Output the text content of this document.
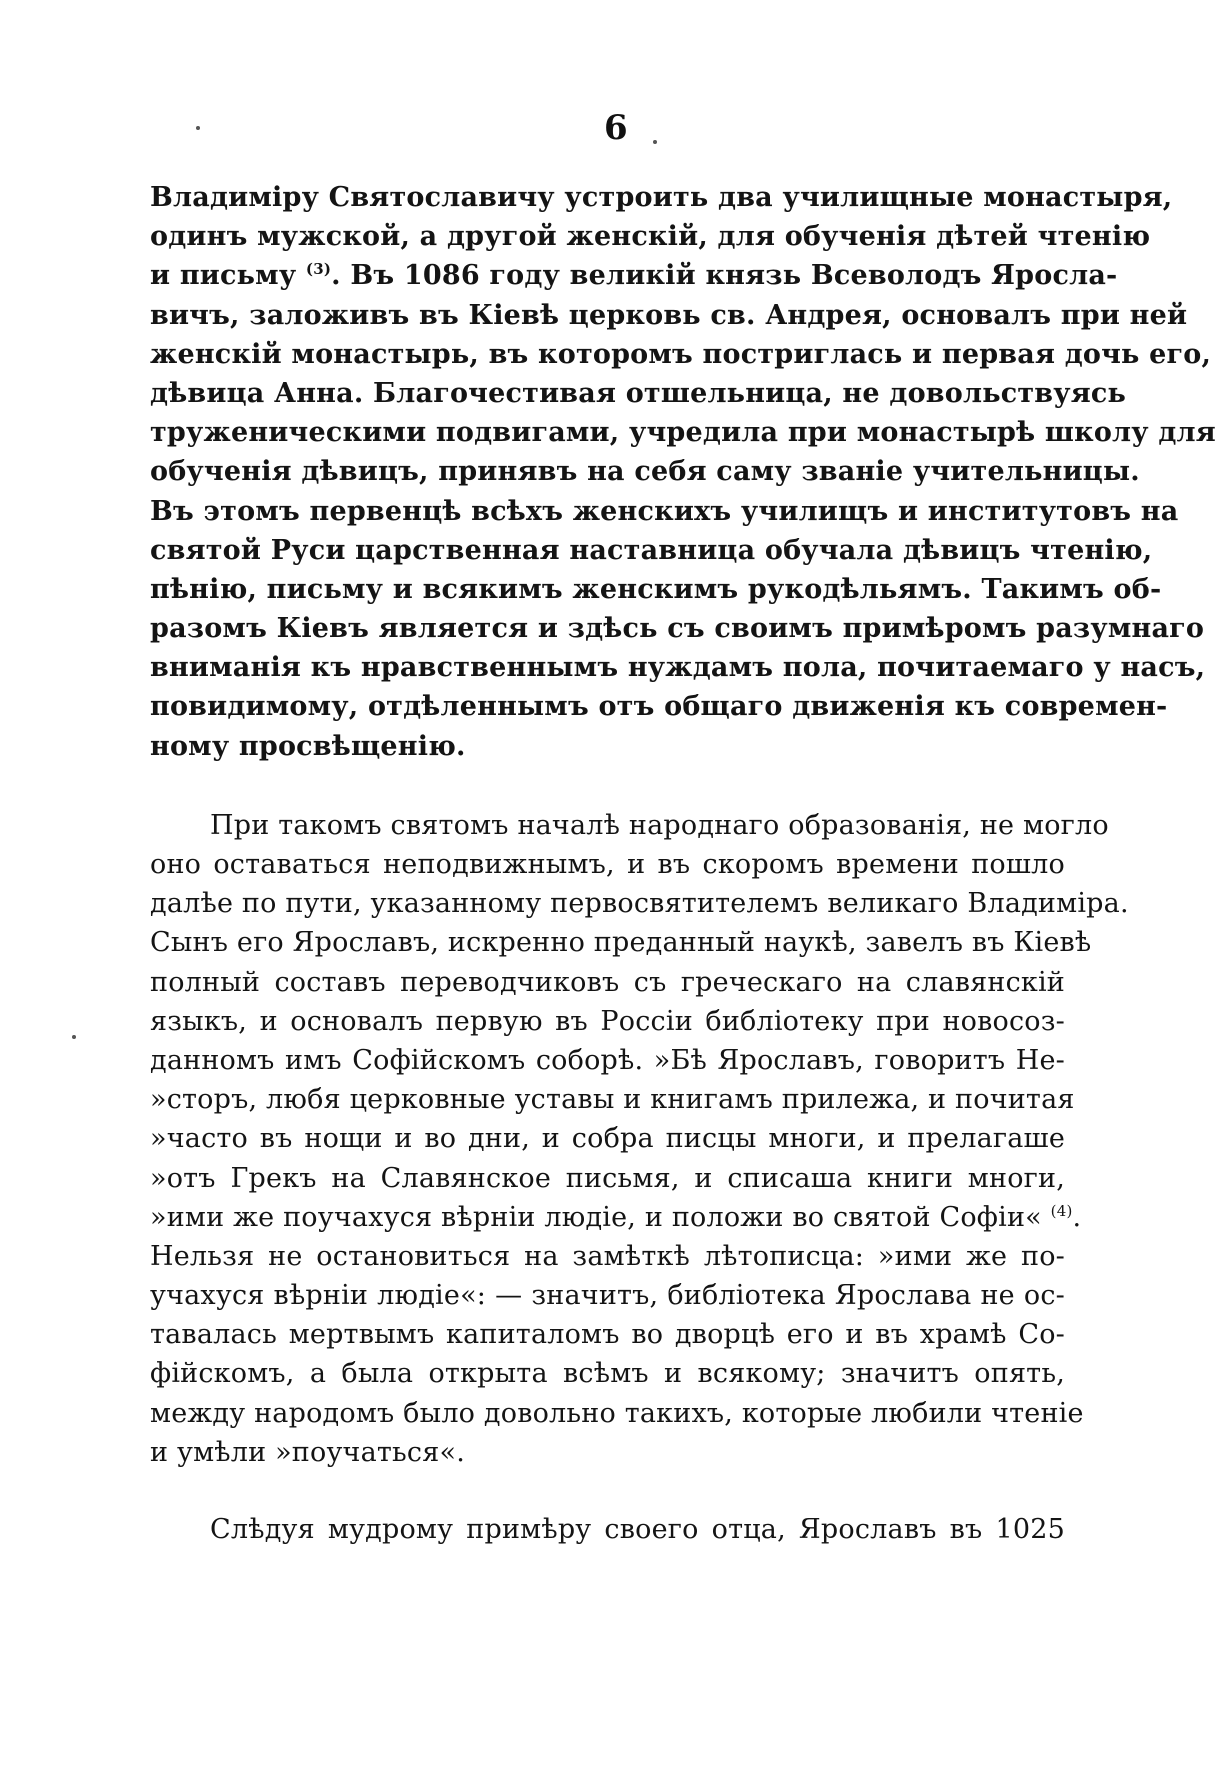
6
Владиміру Святославичу устроить два училищные монастыря,
одинъ мужской, а другой женскій, для обученія дѣтей чтенію
и письму $^{(3)}$. Въ 1086 году великій князь Всеволодъ Яросла-
вичъ, заложивъ въ Кіевѣ церковь св. Андрея, основалъ при ней
женскій монастырь, въ которомъ постриглась и первая дочь его,
дѣвица Анна. Благочестивая отшельница, не довольствуясь
труженическими подвигами, учредила при монастырѣ школу для
обученія дѣвицъ, принявъ на себя саму званіе учительницы.
Въ этомъ первенцѣ всѣхъ женскихъ училищъ и институтовъ на
святой Руси царственная наставница обучала дѣвицъ чтенію,
пѣнію, письму и всякимъ женскимъ рукодѣльямъ. Такимъ об-
разомъ Кіевъ является и здѣсь съ своимъ примѣромъ разумнаго
вниманія къ нравственнымъ нуждамъ пола, почитаемаго у насъ,
повидимому, отдѣленнымъ отъ общаго движенія къ современ-
ному просвѣщенію.
При такомъ святомъ началѣ народнаго образованія, не могло
оно оставаться неподвижнымъ, и въ скоромъ времени пошло
далѣе по пути, указанному первосвятителемъ великаго Владиміра.
Сынъ его Ярославъ, искренно преданный наукѣ, завелъ въ Кіевѣ
полный составъ переводчиковъ съ греческаго на славянскій
языкъ, и основалъ первую въ Россіи библіотеку при новосоз-
данномъ имъ Софійскомъ соборѣ. »Бѣ Ярославъ, говоритъ Не-
»сторъ, любя церковные уставы и книгамъ прилежа, и почитая
»часто въ нощи и во дни, и собра писцы многи, и прелагаше
»отъ Грекъ на Славянское письмя, и списаша книги многи,
»ими же поучахуся вѣрніи людіе, и положи во святой Софіи« $^{(4)}$.
Нельзя не остановиться на замѣткѣ лѣтописца: »ими же по-
учахуся вѣрніи людіе«: — значитъ, библіотека Ярослава не ос-
тавалась мертвымъ капиталомъ во дворцѣ его и въ храмѣ Со-
фійскомъ, а была открыта всѣмъ и всякому; значитъ опять,
между народомъ было довольно такихъ, которые любили чтеніе
и умѣли »поучаться«.
Слѣдуя мудрому примѣру своего отца, Ярославъ въ 1025
